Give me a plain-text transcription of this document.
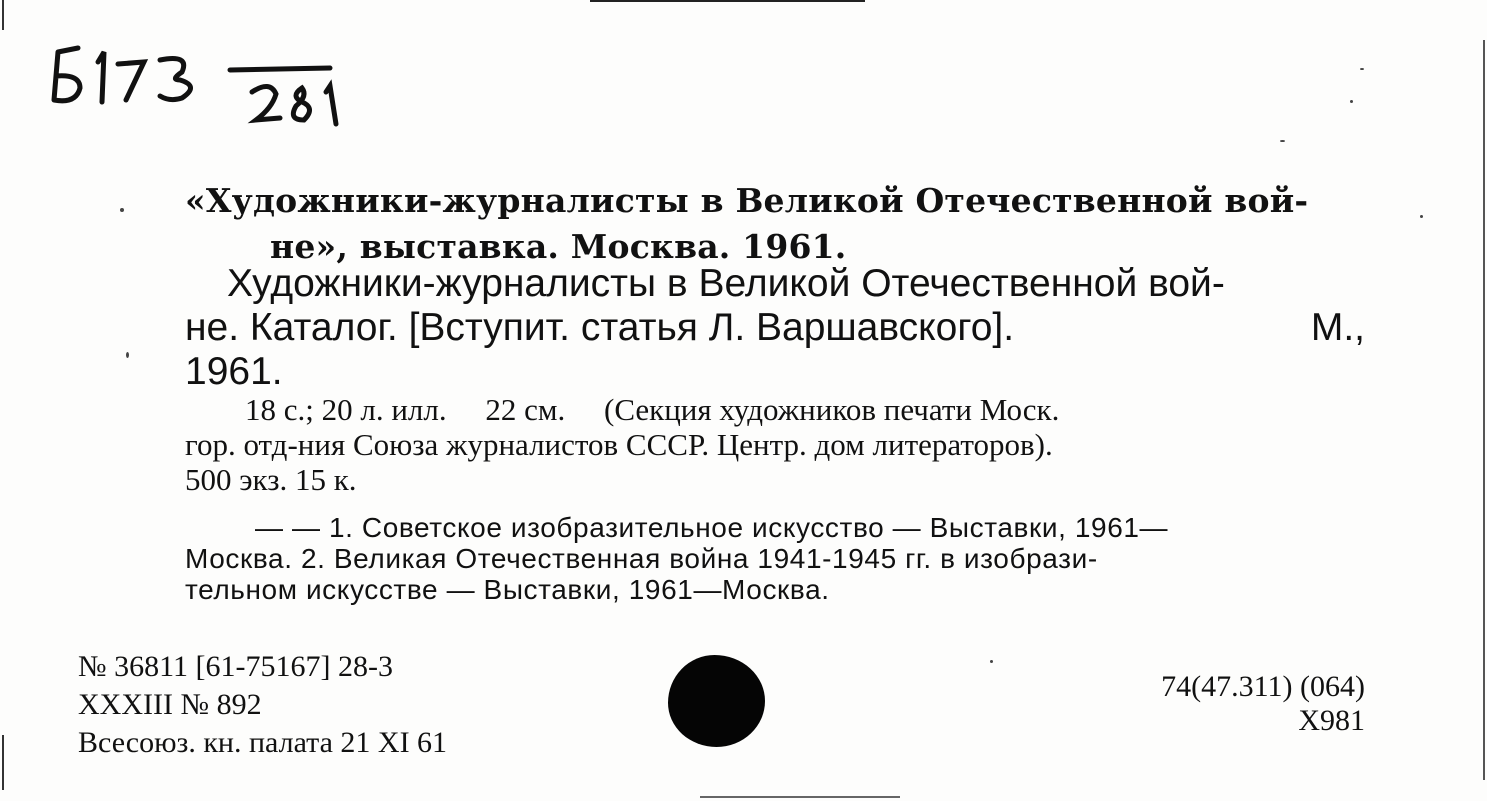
«Художники-журналисты в Великой Отечественной вой-
не», выставка. Москва. 1961.
Художники-журналисты в Великой Отечественной вой-
не. Каталог. [Вступит. статья Л. Варшавского].	М.,
1961.
18 с.; 20 л. илл.     22 см.     (Секция художников печати Моск.
гор. отд-ния Союза журналистов СССР. Центр. дом литераторов).
500 экз. 15 к.
— — 1. Советское изобразительное искусство — Выставки, 1961—
Москва. 2. Великая Отечественная война 1941-1945 гг. в изобрази-
тельном искусстве — Выставки, 1961—Москва.
№ 36811 [61-75167] 28-3
XXXIII № 892
Всесоюз. кн. палата 21 XI 61
74(47.311) (064)
Х981
